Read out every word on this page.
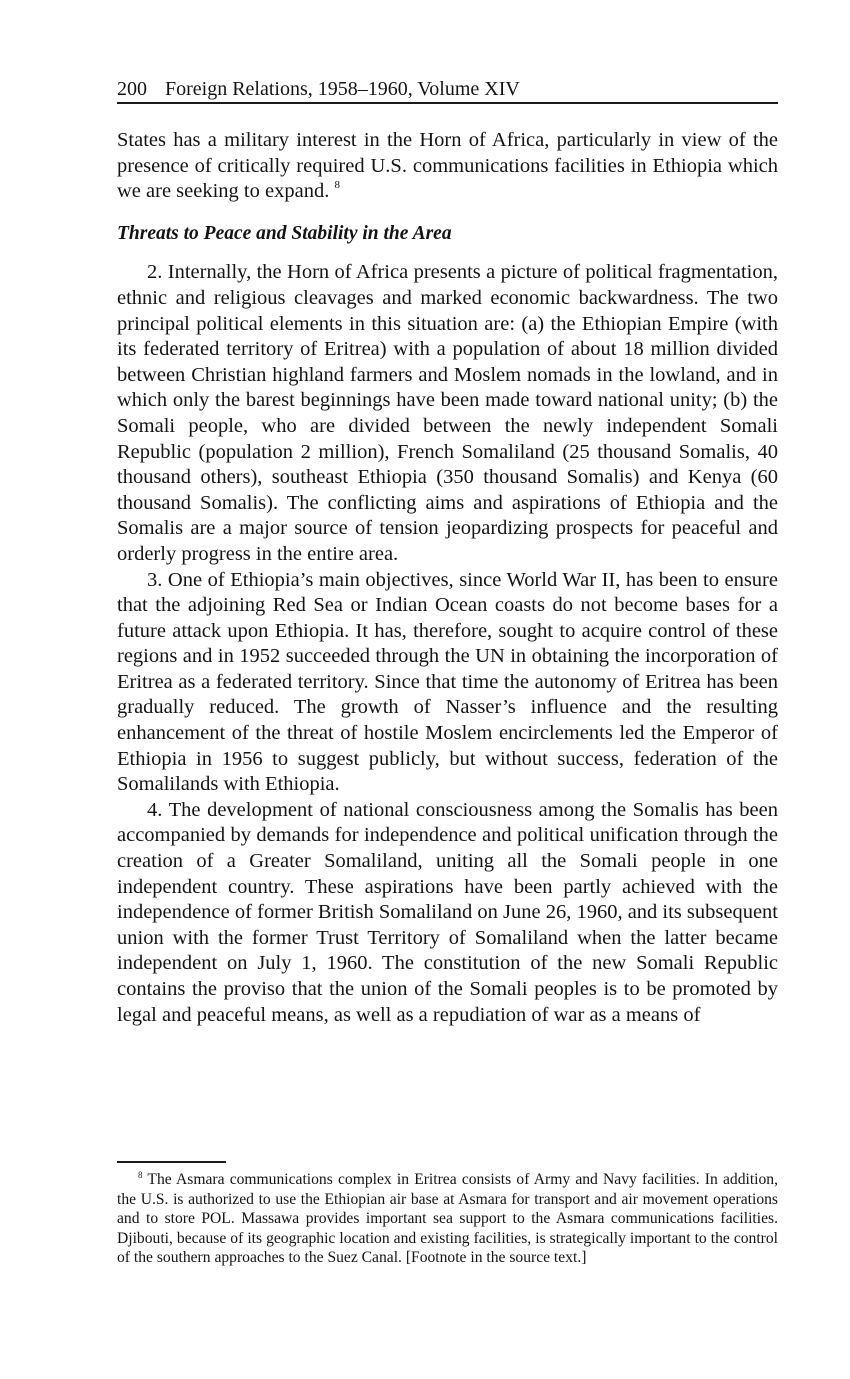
200 Foreign Relations, 1958–1960, Volume XIV

States has a military interest in the Horn of Africa, particularly in view of the presence of critically required U.S. communications facilities in Ethiopia which we are seeking to expand. $^8$

Threats to Peace and Stability in the Area

2. Internally, the Horn of Africa presents a picture of political fragmentation, ethnic and religious cleavages and marked economic backwardness. The two principal political elements in this situation are: (a) the Ethiopian Empire (with its federated territory of Eritrea) with a population of about 18 million divided between Christian highland farmers and Moslem nomads in the lowland, and in which only the barest beginnings have been made toward national unity; (b) the Somali people, who are divided between the newly independent Somali Republic (population 2 million), French Somaliland (25 thousand Somalis, 40 thousand others), southeast Ethiopia (350 thousand Somalis) and Kenya (60 thousand Somalis). The conflicting aims and aspirations of Ethiopia and the Somalis are a major source of tension jeopardizing prospects for peaceful and orderly progress in the entire area.

3. One of Ethiopia’s main objectives, since World War II, has been to ensure that the adjoining Red Sea or Indian Ocean coasts do not become bases for a future attack upon Ethiopia. It has, therefore, sought to acquire control of these regions and in 1952 succeeded through the UN in obtaining the incorporation of Eritrea as a federated territory. Since that time the autonomy of Eritrea has been gradually reduced. The growth of Nasser’s influence and the resulting enhancement of the threat of hostile Moslem encirclements led the Emperor of Ethiopia in 1956 to suggest publicly, but without success, federation of the Somalilands with Ethiopia.

4. The development of national consciousness among the Somalis has been accompanied by demands for independence and political unification through the creation of a Greater Somaliland, uniting all the Somali people in one independent country. These aspirations have been partly achieved with the independence of former British Somaliland on June 26, 1960, and its subsequent union with the former Trust Territory of Somaliland when the latter became independent on July 1, 1960. The constitution of the new Somali Republic contains the proviso that the union of the Somali peoples is to be promoted by legal and peaceful means, as well as a repudiation of war as a means of

$^8$ The Asmara communications complex in Eritrea consists of Army and Navy facilities. In addition, the U.S. is authorized to use the Ethiopian air base at Asmara for transport and air movement operations and to store POL. Massawa provides important sea support to the Asmara communications facilities. Djibouti, because of its geographic location and existing facilities, is strategically important to the control of the southern approaches to the Suez Canal. [Footnote in the source text.]
